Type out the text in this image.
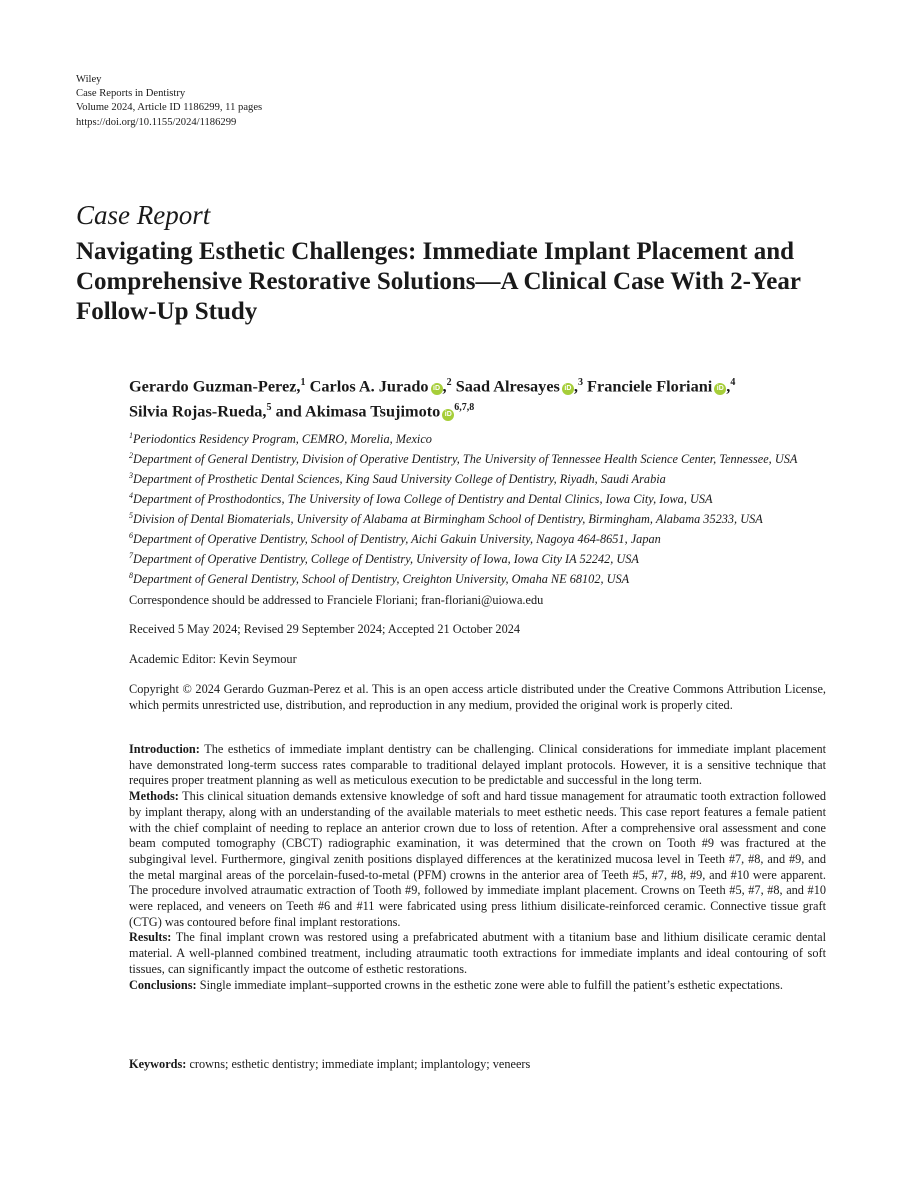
Wiley
Case Reports in Dentistry
Volume 2024, Article ID 1186299, 11 pages
https://doi.org/10.1155/2024/1186299
Case Report
Navigating Esthetic Challenges: Immediate Implant Placement and Comprehensive Restorative Solutions—A Clinical Case With 2-Year Follow-Up Study
Gerardo Guzman-Perez,$^1$ Carlos A. Jurado iD ,$^2$ Saad Alresayes iD ,$^3$ Franciele Floriani iD ,$^4$
Silvia Rojas-Rueda,$^5$ and Akimasa Tsujimoto iD$^{6,7,8}$
$^1$Periodontics Residency Program, CEMRO, Morelia, Mexico
$^2$Department of General Dentistry, Division of Operative Dentistry, The University of Tennessee Health Science Center, Tennessee, USA
$^3$Department of Prosthetic Dental Sciences, King Saud University College of Dentistry, Riyadh, Saudi Arabia
$^4$Department of Prosthodontics, The University of Iowa College of Dentistry and Dental Clinics, Iowa City, Iowa, USA
$^5$Division of Dental Biomaterials, University of Alabama at Birmingham School of Dentistry, Birmingham, Alabama 35233, USA
$^6$Department of Operative Dentistry, School of Dentistry, Aichi Gakuin University, Nagoya 464-8651, Japan
$^7$Department of Operative Dentistry, College of Dentistry, University of Iowa, Iowa City IA 52242, USA
$^8$Department of General Dentistry, School of Dentistry, Creighton University, Omaha NE 68102, USA
Correspondence should be addressed to Franciele Floriani; fran-floriani@uiowa.edu
Received 5 May 2024; Revised 29 September 2024; Accepted 21 October 2024
Academic Editor: Kevin Seymour
Copyright © 2024 Gerardo Guzman-Perez et al. This is an open access article distributed under the Creative Commons Attribution License, which permits unrestricted use, distribution, and reproduction in any medium, provided the original work is properly cited.

Introduction: The esthetics of immediate implant dentistry can be challenging. Clinical considerations for immediate implant placement have demonstrated long-term success rates comparable to traditional delayed implant protocols. However, it is a sensitive technique that requires proper treatment planning as well as meticulous execution to be predictable and successful in the long term.

Methods: This clinical situation demands extensive knowledge of soft and hard tissue management for atraumatic tooth extraction followed by implant therapy, along with an understanding of the available materials to meet esthetic needs. This case report features a female patient with the chief complaint of needing to replace an anterior crown due to loss of retention. After a comprehensive oral assessment and cone beam computed tomography (CBCT) radiographic examination, it was determined that the crown on Tooth #9 was fractured at the subgingival level. Furthermore, gingival zenith positions displayed differences at the keratinized mucosa level in Teeth #7, #8, and #9, and the metal marginal areas of the porcelain-fused-to-metal (PFM) crowns in the anterior area of Teeth #5, #7, #8, #9, and #10 were apparent. The procedure involved atraumatic extraction of Tooth #9, followed by immediate implant placement. Crowns on Teeth #5, #7, #8, and #10 were replaced, and veneers on Teeth #6 and #11 were fabricated using press lithium disilicate-reinforced ceramic. Connective tissue graft (CTG) was contoured before final implant restorations.

Results: The final implant crown was restored using a prefabricated abutment with a titanium base and lithium disilicate ceramic dental material. A well-planned combined treatment, including atraumatic tooth extractions for immediate implants and ideal contouring of soft tissues, can significantly impact the outcome of esthetic restorations.

Conclusions: Single immediate implant–supported crowns in the esthetic zone were able to fulfill the patient’s esthetic expectations.

Keywords: crowns; esthetic dentistry; immediate implant; implantology; veneers
